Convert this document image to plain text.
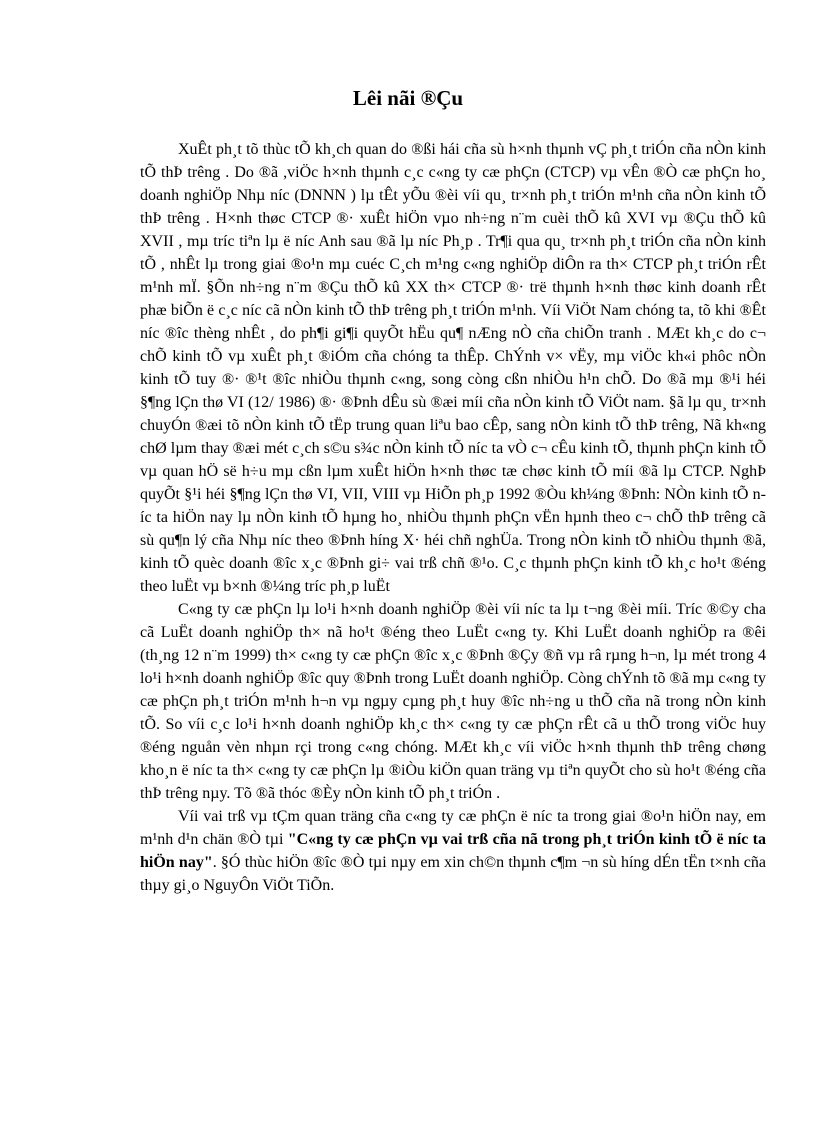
Lêi nãi ®Çu

XuÊt ph¸t tõ thùc tÕ kh¸ch quan do ®ßi hái cña sù h×nh thµnh vÇ ph¸t triÓn cña nÒn kinh tÕ thÞ trêng . Do ®ã ,viÖc h×nh thµnh c¸c c«ng ty cæ phÇn (CTCP) vµ vÊn ®Ò cæ phÇn ho¸ doanh nghiÖp Nhµ níc (DNNN ) lµ tÊt yÕu ®èi víi qu¸ tr×nh ph¸t triÓn m¹nh cña nÒn kinh tÕ thÞ trêng . H×nh thøc CTCP ®· xuÊt hiÖn vµo nh÷ng n¨m cuèi thÕ kû XVI vµ ®Çu thÕ kû XVII , mµ tríc tiªn lµ ë níc Anh sau ®ã lµ níc Ph¸p . Tr¶i qua qu¸ tr×nh ph¸t triÓn cña nÒn kinh tÕ , nhÊt lµ trong giai ®o¹n mµ cuéc C¸ch m¹ng c«ng nghiÖp diÔn ra th× CTCP ph¸t triÓn rÊt m¹nh mÏ. §Õn nh÷ng n¨m ®Çu thÕ kû XX th× CTCP ®· trë thµnh h×nh thøc kinh doanh rÊt phæ biÕn ë c¸c níc cã nÒn kinh tÕ thÞ trêng ph¸t triÓn m¹nh. Víi ViÖt Nam chóng ta, tõ khi ®Êt níc ®îc thèng nhÊt , do ph¶i gi¶i quyÕt hËu qu¶ nÆng nÒ cña chiÕn tranh . MÆt kh¸c do c¬ chÕ kinh tÕ vµ xuÊt ph¸t ®iÓm cña chóng ta thÊp. ChÝnh v× vËy, mµ viÖc kh«i phôc nÒn kinh tÕ tuy ®· ®¹t ®îc nhiÒu thµnh c«ng, song còng cßn nhiÒu h¹n chÕ. Do ®ã mµ ®¹i héi §¶ng lÇn thø VI (12/ 1986) ®· ®Þnh dÊu sù ®æi míi cña nÒn kinh tÕ ViÖt nam. §ã lµ qu¸ tr×nh chuyÓn ®æi tõ nÒn kinh tÕ tËp trung quan liªu bao cÊp, sang nÒn kinh tÕ thÞ trêng, Nã kh«ng chØ lµm thay ®æi mét c¸ch s©u s¾c nÒn kinh tÕ níc ta vÒ c¬ cÊu kinh tÕ, thµnh phÇn kinh tÕ vµ quan hÖ së h÷u mµ cßn lµm xuÊt hiÖn h×nh thøc tæ chøc kinh tÕ míi ®ã lµ CTCP. NghÞ quyÕt §¹i héi §¶ng lÇn thø VI, VII, VIII vµ HiÕn ph¸p 1992 ®Òu kh¼ng ®Þnh: NÒn kinh tÕ níc ta hiÖn nay lµ nÒn kinh tÕ hµng ho¸ nhiÒu thµnh phÇn vËn hµnh theo c¬ chÕ thÞ trêng cã sù qu¶n lý cña Nhµ níc theo ®Þnh híng X· héi chñ nghÜa. Trong nÒn kinh tÕ nhiÒu thµnh ®ã, kinh tÕ quèc doanh ®îc x¸c ®Þnh gi÷ vai trß chñ ®¹o. C¸c thµnh phÇn kinh tÕ kh¸c ho¹t ®éng theo luËt vµ b×nh ®¼ng tríc ph¸p luËt

C«ng ty cæ phÇn lµ lo¹i h×nh doanh nghiÖp ®èi víi níc ta lµ t¬ng ®èi míi. Tríc ®©y cha cã LuËt doanh nghiÖp th× nã ho¹t ®éng theo LuËt c«ng ty. Khi LuËt doanh nghiÖp ra ®êi (th¸ng 12 n¨m 1999) th× c«ng ty cæ phÇn ®îc x¸c ®Þnh ®Çy ®ñ vµ râ rµng h¬n, lµ mét trong 4 lo¹i h×nh doanh nghiÖp ®îc quy ®Þnh trong LuËt doanh nghiÖp. Còng chÝnh tõ ®ã mµ c«ng ty cæ phÇn ph¸t triÓn m¹nh h¬n vµ ngµy cµng ph¸t huy ®îc nh÷ng u thÕ cña nã trong nÒn kinh tÕ. So víi c¸c lo¹i h×nh doanh nghiÖp kh¸c th× c«ng ty cæ phÇn rÊt cã u thÕ trong viÖc huy ®éng nguån vèn nhµn rçi trong c«ng chóng. MÆt kh¸c víi viÖc h×nh thµnh thÞ trêng chøng kho¸n ë níc ta th× c«ng ty cæ phÇn lµ ®iÒu kiÖn quan träng vµ tiªn quyÕt cho sù ho¹t ®éng cña thÞ trêng nµy. Tõ ®ã thóc ®Èy nÒn kinh tÕ ph¸t triÓn .

Víi vai trß vµ tÇm quan träng cña c«ng ty cæ phÇn ë níc ta trong giai ®o¹n hiÖn nay, em m¹nh d¹n chän ®Ò tµi "C«ng ty cæ phÇn vµ vai trß cña nã trong ph¸t triÓn kinh tÕ ë níc ta hiÖn nay". §Ó thùc hiÖn ®îc ®Ò tµi nµy em xin ch©n thµnh c¶m ¬n sù híng dÉn tËn t×nh cña thµy gi¸o NguyÔn ViÖt TiÕn.
